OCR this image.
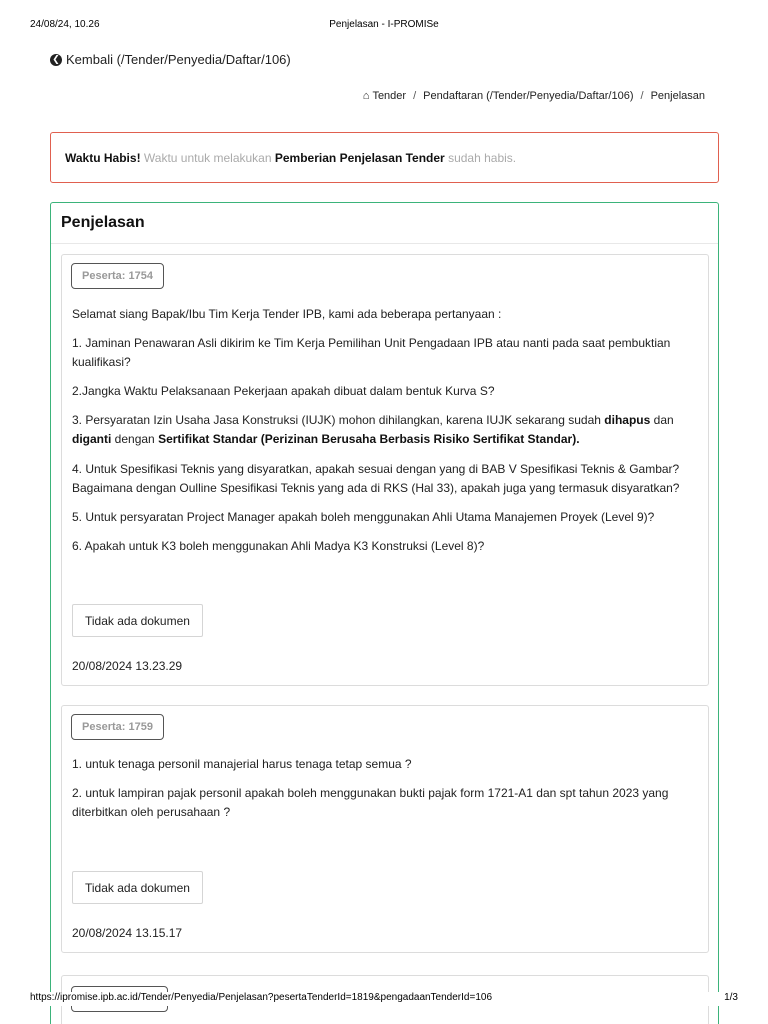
24/08/24, 10.26	Penjelasan - I-PROMISe
❮ Kembali (/Tender/Penyedia/Daftar/106)
⌂ Tender / Pendaftaran (/Tender/Penyedia/Daftar/106) / Penjelasan
Waktu Habis!
Waktu untuk melakukan
Pemberian Penjelasan Tender
sudah habis.
Penjelasan
Peserta: 1754

Selamat siang Bapak/Ibu Tim Kerja Tender IPB, kami ada beberapa pertanyaan :

1. Jaminan Penawaran Asli dikirim ke Tim Kerja Pemilihan Unit Pengadaan IPB atau nanti pada saat pembuktian kualifikasi?

2.Jangka Waktu Pelaksanaan Pekerjaan apakah dibuat dalam bentuk Kurva S?

3. Persyaratan Izin Usaha Jasa Konstruksi (IUJK) mohon dihilangkan, karena IUJK sekarang sudah dihapus dan diganti dengan Sertifikat Standar (Perizinan Berusaha Berbasis Risiko Sertifikat Standar).

4. Untuk Spesifikasi Teknis yang disyaratkan, apakah sesuai dengan yang di BAB V Spesifikasi Teknis & Gambar? Bagaimana dengan Oulline Spesifikasi Teknis yang ada di RKS (Hal 33), apakah juga yang termasuk disyaratkan?

5. Untuk persyaratan Project Manager apakah boleh menggunakan Ahli Utama Manajemen Proyek (Level 9)?

6. Apakah untuk K3 boleh menggunakan Ahli Madya K3 Konstruksi (Level 8)?

Tidak ada dokumen
20/08/2024 13.23.29
Peserta: 1759

1. untuk tenaga personil manajerial harus tenaga tetap semua ?

2. untuk lampiran pajak personil apakah boleh menggunakan bukti pajak form 1721-A1 dan spt tahun 2023 yang diterbitkan oleh perusahaan ?

Tidak ada dokumen
20/08/2024 13.15.17
https://ipromise.ipb.ac.id/Tender/Penyedia/Penjelasan?pesertaTenderId=1819&pengadaanTenderId=106	1/3
